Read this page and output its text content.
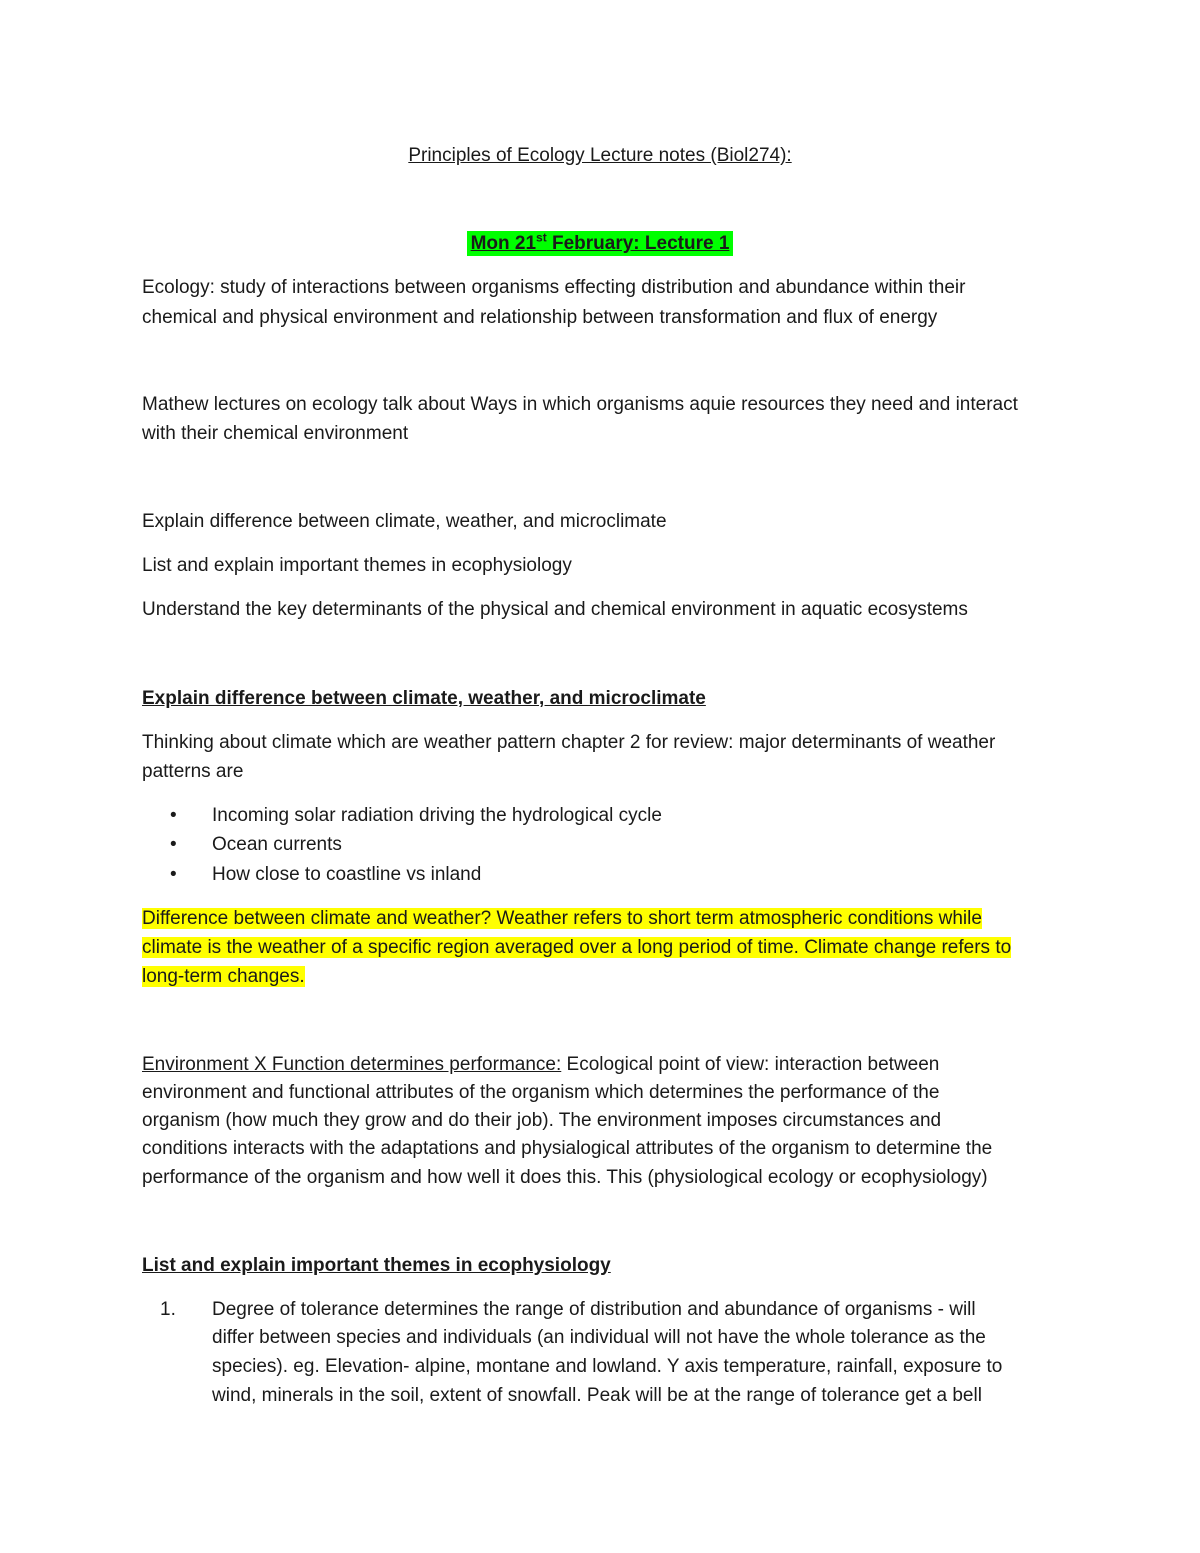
Principles of Ecology Lecture notes (Biol274):
Mon 21st February: Lecture 1
Ecology: study of interactions between organisms effecting distribution and abundance within their
chemical and physical environment and relationship between transformation and flux of energy
Mathew lectures on ecology talk about Ways in which organisms aquie resources they need and interact
with their chemical environment
Explain difference between climate, weather, and microclimate
List and explain important themes in ecophysiology
Understand the key determinants of the physical and chemical environment in aquatic ecosystems
Explain difference between climate, weather, and microclimate
Thinking about climate which are weather pattern chapter 2 for review: major determinants of weather
patterns are
• Incoming solar radiation driving the hydrological cycle
• Ocean currents
• How close to coastline vs inland
Difference between climate and weather? Weather refers to short term atmospheric conditions while
climate is the weather of a specific region averaged over a long period of time. Climate change refers to
long-term changes.
Environment X Function determines performance: Ecological point of view: interaction between
environment and functional attributes of the organism which determines the performance of the
organism (how much they grow and do their job). The environment imposes circumstances and
conditions interacts with the adaptations and physialogical attributes of the organism to determine the
performance of the organism and how well it does this. This (physiological ecology or ecophysiology)
List and explain important themes in ecophysiology
1. Degree of tolerance determines the range of distribution and abundance of organisms - will
differ between species and individuals (an individual will not have the whole tolerance as the
species). eg. Elevation- alpine, montane and lowland. Y axis temperature, rainfall, exposure to
wind, minerals in the soil, extent of snowfall. Peak will be at the range of tolerance get a bell
